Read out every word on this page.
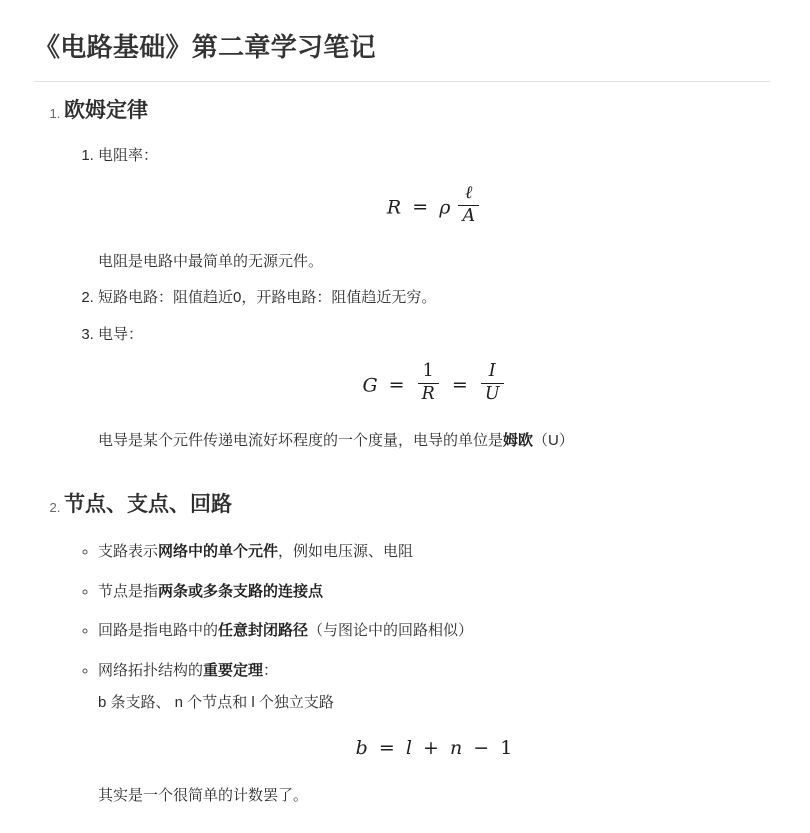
《电路基础》第二章学习笔记
1. 欧姆定律
1. 电阻率：
R = ρ $\frac{\text{ℓ}}{A}$

电阻是电路中最简单的无源元件。

2. 短路电路：阻值趋近0，开路电路：阻值趋近无穷。
3. 电导：
$G = \frac{1}{R} = \frac{I}{U}$

电导是某个元件传递电流好坏程度的一个度量，电导的单位是姆欧（U）

2. 节点、支点、回路
◦ 支路表示网络中的单个元件，例如电压源、电阻
◦ 节点是指两条或多条支路的连接点
◦ 回路是指电路中的任意封闭路径（与图论中的回路相似）
◦ 网络拓扑结构的重要定理：

b 条支路、 n 个节点和 l 个独立支路

b = l + n − 1

其实是一个很简单的计数罢了。
